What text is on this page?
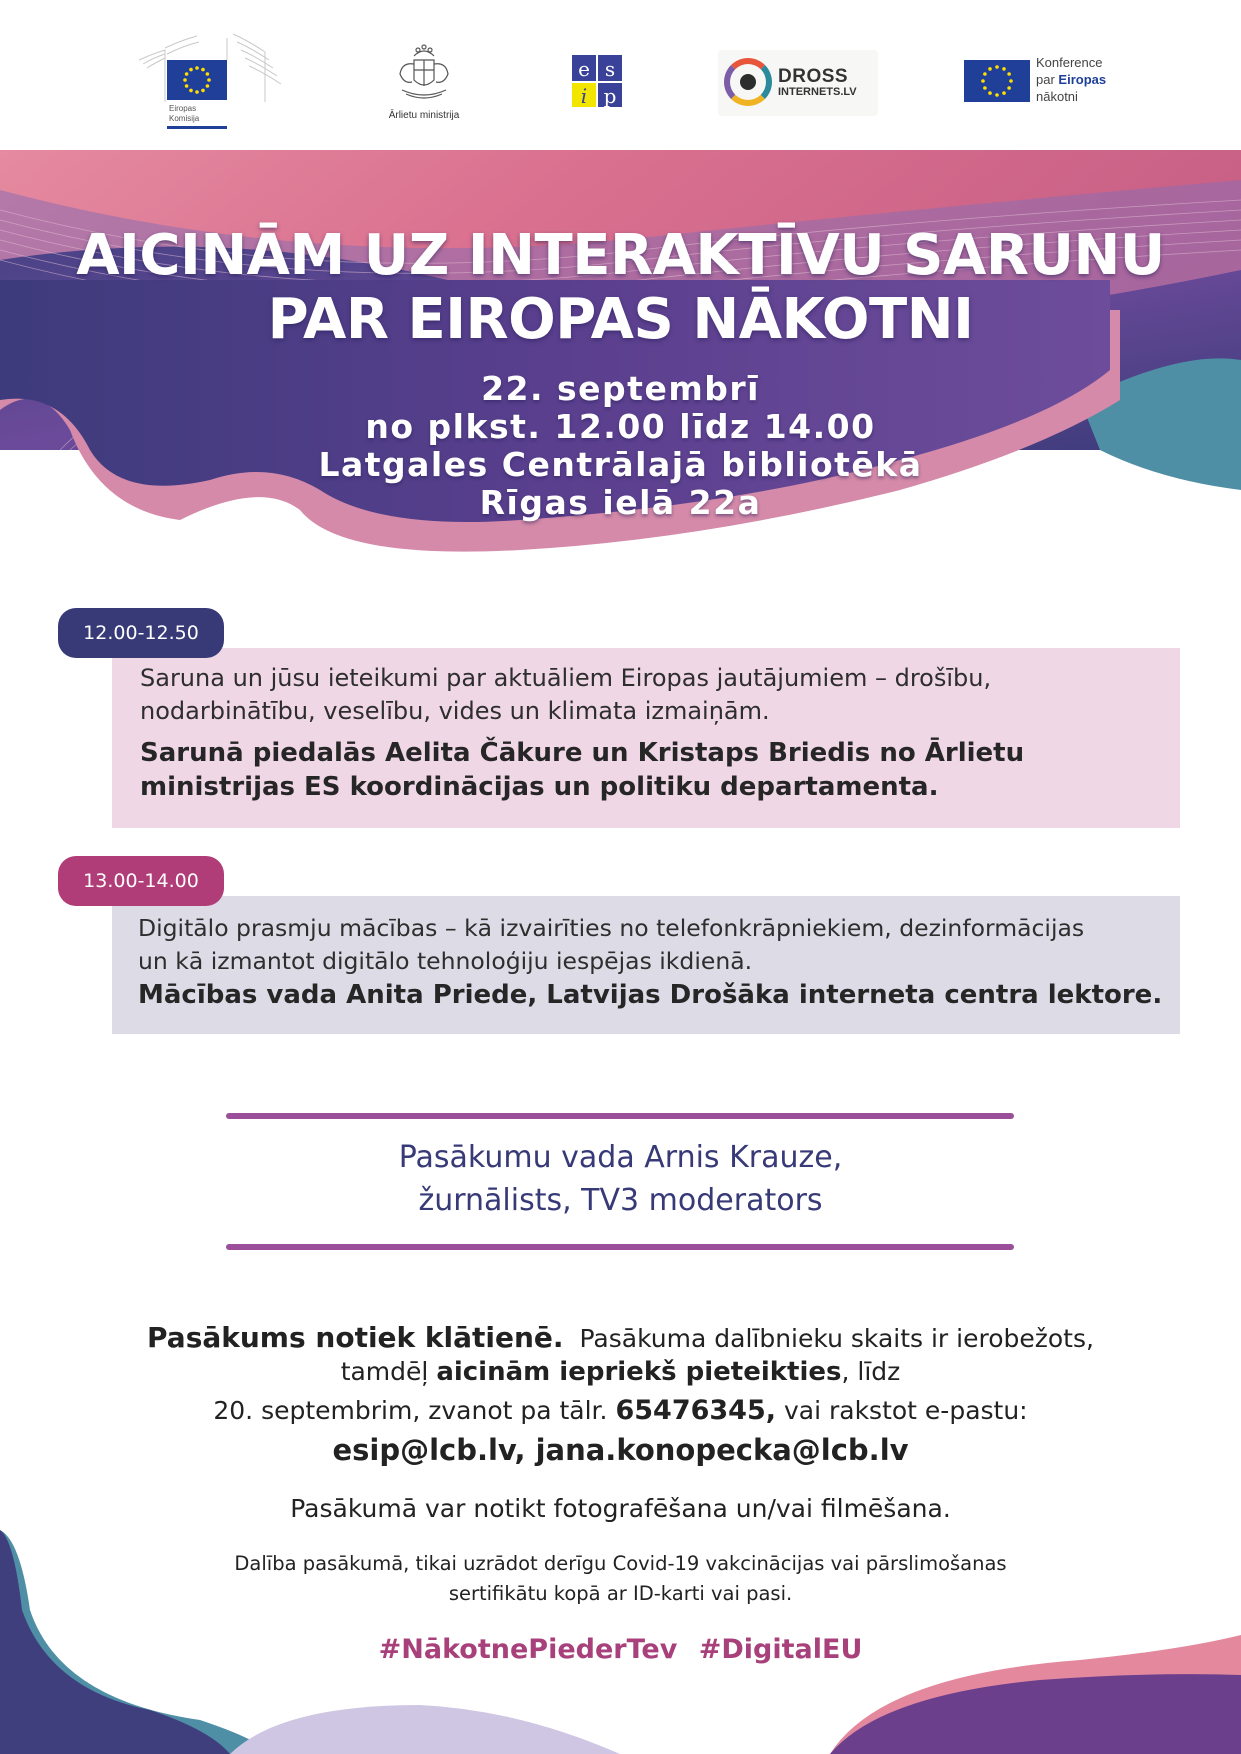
Eiropas
Komisija	Ārlietu ministrija
e s
i p
DROSS
INTERNETS.LV
Konference
par Eiropas
nākotni
AICINĀM UZ INTERAKTĪVU SARUNU
PAR EIROPAS NĀKOTNI
22. septembrī
no plkst. 12.00 līdz 14.00
Latgales Centrālajā bibliotēkā
Rīgas ielā 22a
12.00-12.50
Saruna un jūsu ieteikumi par aktuāliem Eiropas jautājumiem – drošību,
nodarbinātību, veselību, vides un klimata izmaiņām.
Sarunā piedalās Aelita Čākure un Kristaps Briedis no Ārlietu
ministrijas ES koordinācijas un politiku departamenta.
13.00-14.00
Digitālo prasmju mācības – kā izvairīties no telefonkrāpniekiem, dezinformācijas
un kā izmantot digitālo tehnoloģiju iespējas ikdienā.
Mācības vada Anita Priede, Latvijas Drošāka interneta centra lektore.
Pasākumu vada Arnis Krauze,
žurnālists, TV3 moderators
Pasākums notiek klātienē. Pasākuma dalībnieku skaits ir ierobežots,
tamdēļ aicinām iepriekš pieteikties, līdz
20. septembrim, zvanot pa tālr. 65476345, vai rakstot e-pastu:
esip@lcb.lv, jana.konopecka@lcb.lv
Pasākumā var notikt fotografēšana un/vai filmēšana.
Dalība pasākumā, tikai uzrādot derīgu Covid-19 vakcinācijas vai pārslimošanas
sertifikātu kopā ar ID-karti vai pasi.
#NākotnePiederTev #DigitalEU
